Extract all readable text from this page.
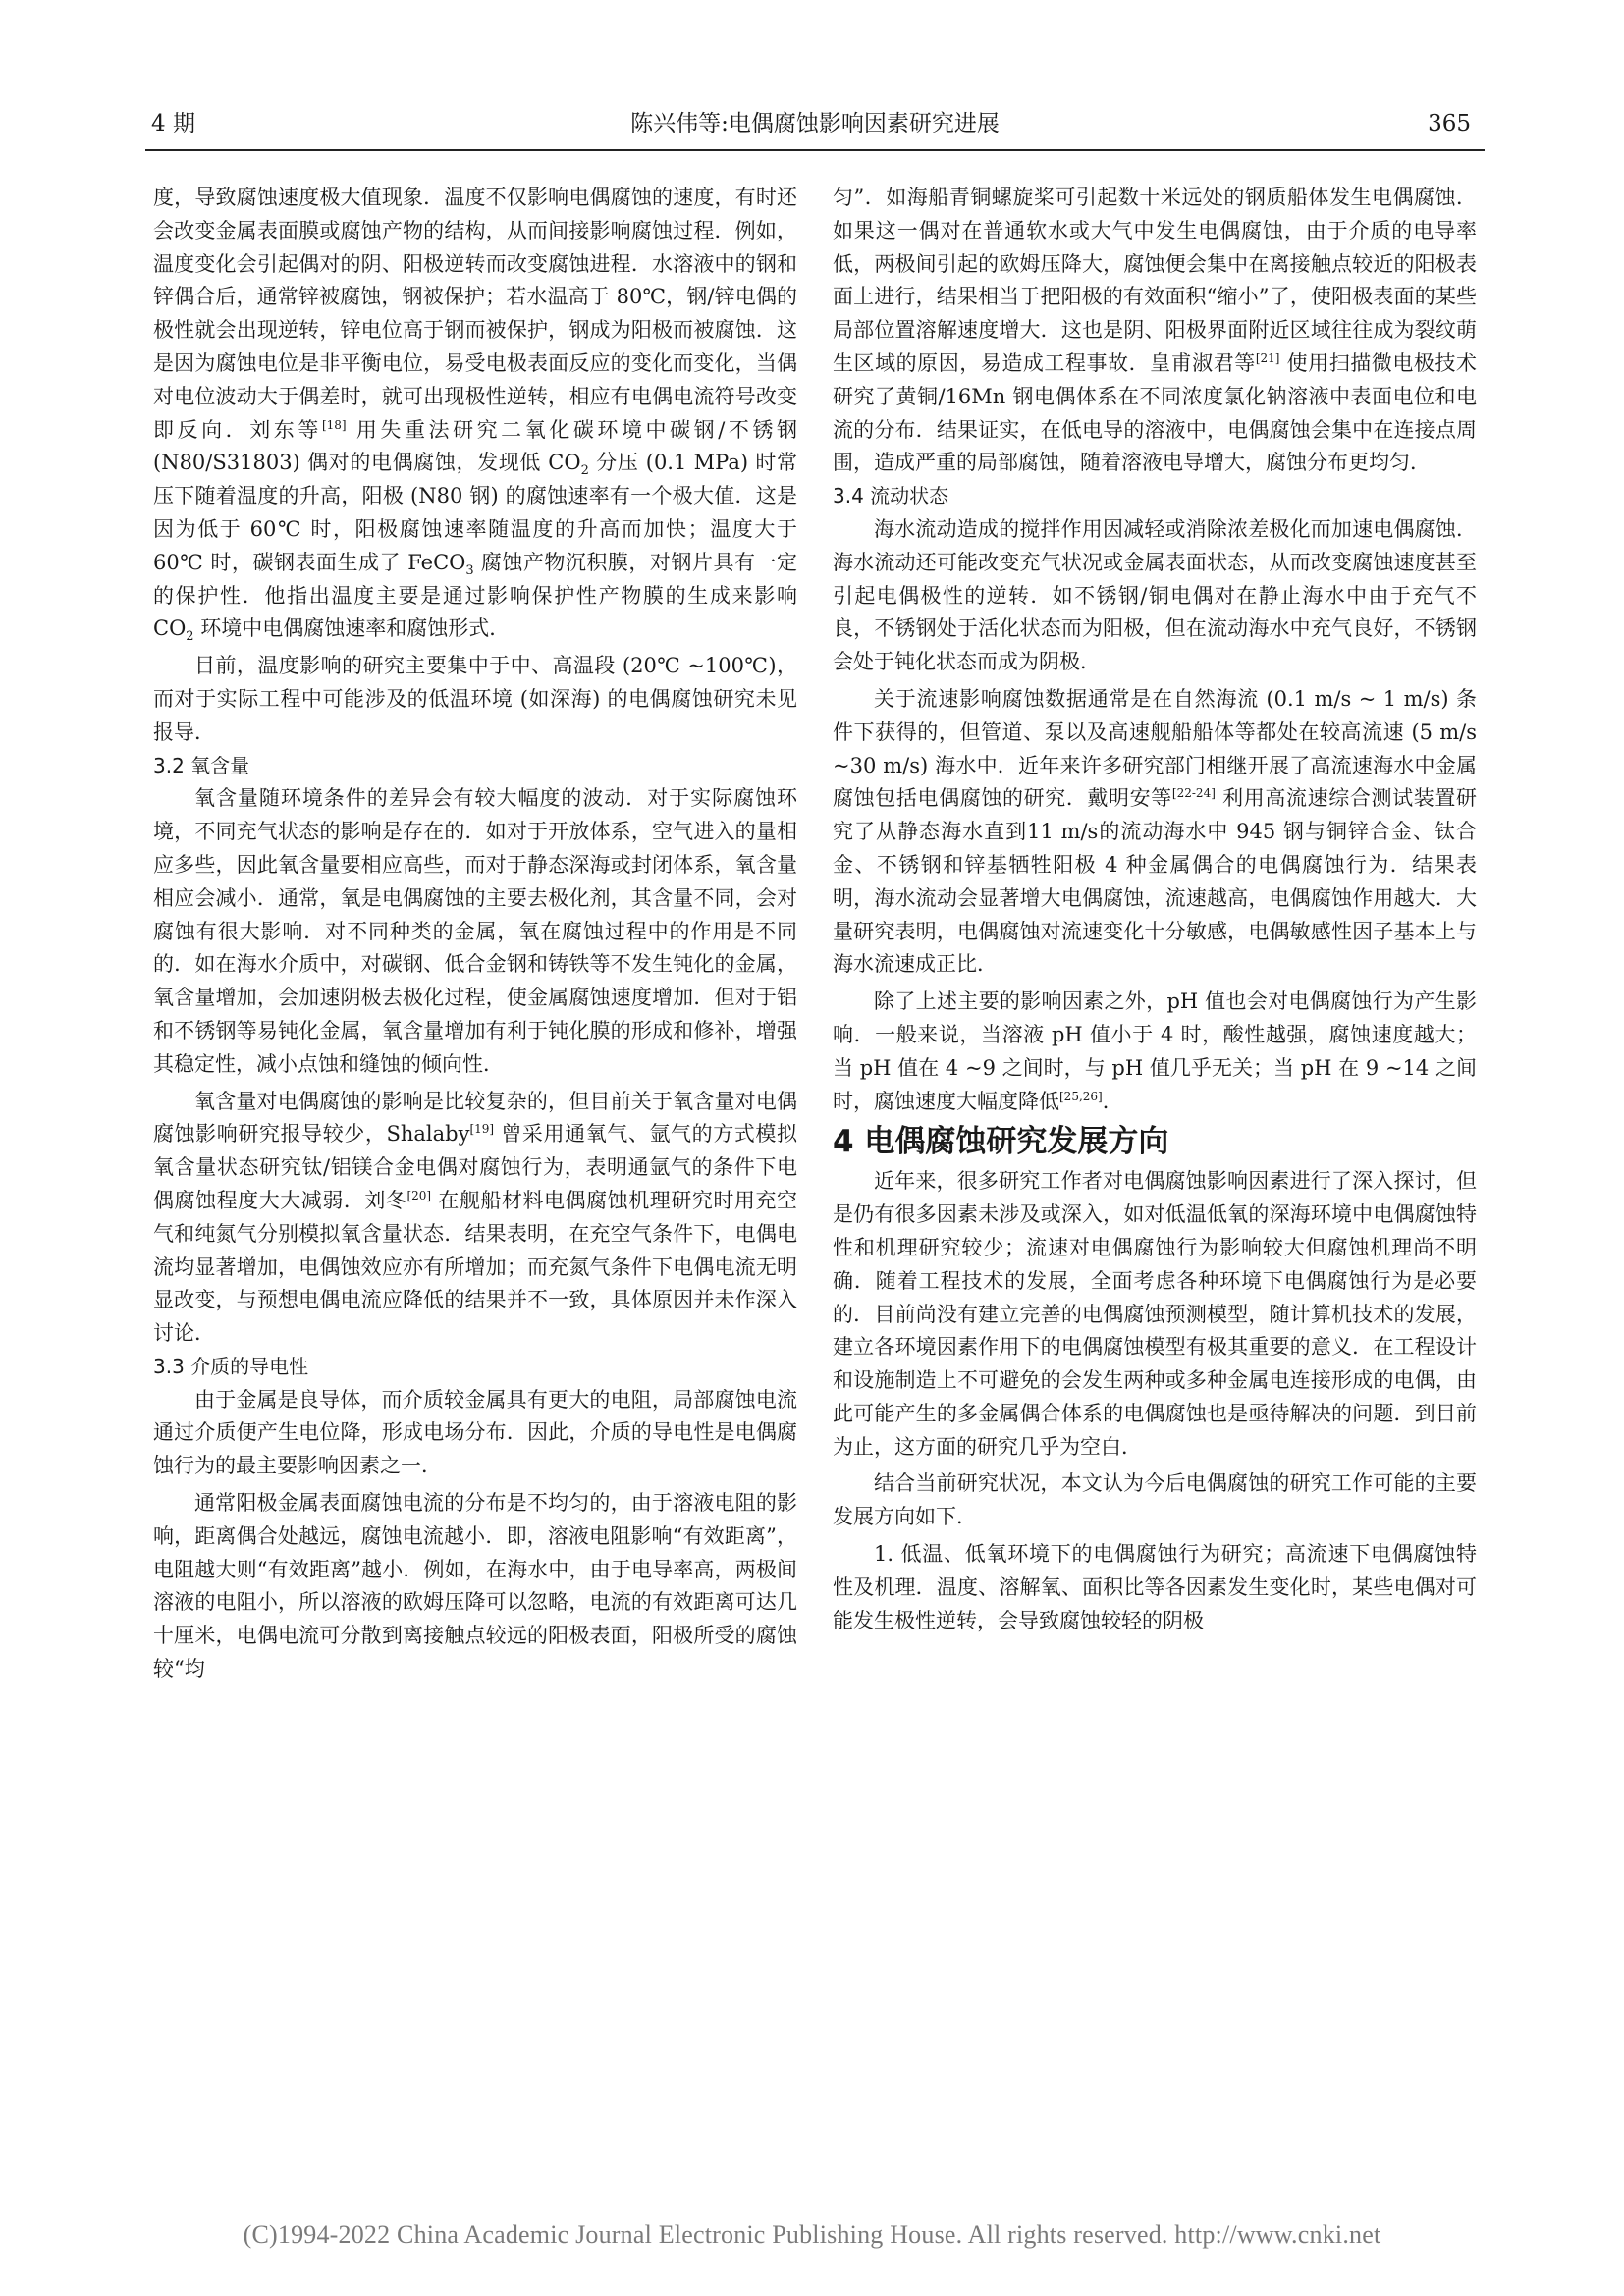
4 期	陈兴伟等:电偶腐蚀影响因素研究进展	365

度，导致腐蚀速度极大值现象．温度不仅影响电偶腐蚀的速度，有时还会改变金属表面膜或腐蚀产物的结构，从而间接影响腐蚀过程．例如，温度变化会引起偶对的阴、阳极逆转而改变腐蚀进程．水溶液中的钢和锌偶合后，通常锌被腐蚀，钢被保护；若水温高于 80℃，钢/锌电偶的极性就会出现逆转，锌电位高于钢而被保护，钢成为阳极而被腐蚀．这是因为腐蚀电位是非平衡电位，易受电极表面反应的变化而变化，当偶对电位波动大于偶差时，就可出现极性逆转，相应有电偶电流符号改变即反向．刘东等[18] 用失重法研究二氧化碳环境中碳钢/不锈钢 (N80/S31803) 偶对的电偶腐蚀，发现低 $CO_2$ 分压 (0.1 MPa) 时常压下随着温度的升高，阳极 (N80 钢) 的腐蚀速率有一个极大值．这是因为低于 60℃ 时，阳极腐蚀速率随温度的升高而加快；温度大于 60℃ 时，碳钢表面生成了 FeCO$_3$ 腐蚀产物沉积膜，对钢片具有一定的保护性．他指出温度主要是通过影响保护性产物膜的生成来影响 $CO_2$ 环境中电偶腐蚀速率和腐蚀形式．

目前，温度影响的研究主要集中于中、高温段 (20℃ ~100℃)，而对于实际工程中可能涉及的低温环境 (如深海) 的电偶腐蚀研究未见报导．

3.2 氧含量

氧含量随环境条件的差异会有较大幅度的波动．对于实际腐蚀环境，不同充气状态的影响是存在的．如对于开放体系，空气进入的量相应多些，因此氧含量要相应高些，而对于静态深海或封闭体系，氧含量相应会减小．通常，氧是电偶腐蚀的主要去极化剂，其含量不同，会对腐蚀有很大影响．对不同种类的金属，氧在腐蚀过程中的作用是不同的．如在海水介质中，对碳钢、低合金钢和铸铁等不发生钝化的金属，氧含量增加，会加速阴极去极化过程，使金属腐蚀速度增加．但对于铝和不锈钢等易钝化金属，氧含量增加有利于钝化膜的形成和修补，增强其稳定性，减小点蚀和缝蚀的倾向性．

氧含量对电偶腐蚀的影响是比较复杂的，但目前关于氧含量对电偶腐蚀影响研究报导较少，Shalaby[19] 曾采用通氧气、氩气的方式模拟氧含量状态研究钛/铝镁合金电偶对腐蚀行为，表明通氩气的条件下电偶腐蚀程度大大减弱．刘冬[20] 在舰船材料电偶腐蚀机理研究时用充空气和纯氮气分别模拟氧含量状态．结果表明，在充空气条件下，电偶电流均显著增加，电偶蚀效应亦有所增加；而充氮气条件下电偶电流无明显改变，与预想电偶电流应降低的结果并不一致，具体原因并未作深入讨论．

3.3 介质的导电性

由于金属是良导体，而介质较金属具有更大的电阻，局部腐蚀电流通过介质便产生电位降，形成电场分布．因此，介质的导电性是电偶腐蚀行为的最主要影响因素之一．

通常阳极金属表面腐蚀电流的分布是不均匀的，由于溶液电阻的影响，距离偶合处越远，腐蚀电流越小．即，溶液电阻影响“有效距离”，电阻越大则“有效距离”越小．例如，在海水中，由于电导率高，两极间溶液的电阻小，所以溶液的欧姆压降可以忽略，电流的有效距离可达几十厘米，电偶电流可分散到离接触点较远的阳极表面，阳极所受的腐蚀较“均

匀”．如海船青铜螺旋桨可引起数十米远处的钢质船体发生电偶腐蚀．如果这一偶对在普通软水或大气中发生电偶腐蚀，由于介质的电导率低，两极间引起的欧姆压降大，腐蚀便会集中在离接触点较近的阳极表面上进行，结果相当于把阳极的有效面积“缩小”了，使阳极表面的某些局部位置溶解速度增大．这也是阴、阳极界面附近区域往往成为裂纹萌生区域的原因，易造成工程事故．皇甫淑君等[21] 使用扫描微电极技术研究了黄铜/16Mn 钢电偶体系在不同浓度氯化钠溶液中表面电位和电流的分布．结果证实，在低电导的溶液中，电偶腐蚀会集中在连接点周围，造成严重的局部腐蚀，随着溶液电导增大，腐蚀分布更均匀．

3.4 流动状态

海水流动造成的搅拌作用因减轻或消除浓差极化而加速电偶腐蚀．海水流动还可能改变充气状况或金属表面状态，从而改变腐蚀速度甚至引起电偶极性的逆转．如不锈钢/铜电偶对在静止海水中由于充气不良，不锈钢处于活化状态而为阳极，但在流动海水中充气良好，不锈钢会处于钝化状态而成为阴极．

关于流速影响腐蚀数据通常是在自然海流 (0.1 m/s ~ 1 m/s) 条件下获得的，但管道、泵以及高速舰船船体等都处在较高流速 (5 m/s ~30 m/s) 海水中．近年来许多研究部门相继开展了高流速海水中金属腐蚀包括电偶腐蚀的研究．戴明安等[22-24] 利用高流速综合测试装置研究了从静态海水直到11 m/s的流动海水中 945 钢与铜锌合金、钛合金、不锈钢和锌基牺牲阳极 4 种金属偶合的电偶腐蚀行为．结果表明，海水流动会显著增大电偶腐蚀，流速越高，电偶腐蚀作用越大．大量研究表明，电偶腐蚀对流速变化十分敏感，电偶敏感性因子基本上与海水流速成正比．

除了上述主要的影响因素之外，pH 值也会对电偶腐蚀行为产生影响．一般来说，当溶液 pH 值小于 4 时，酸性越强，腐蚀速度越大；当 pH 值在 4 ~9 之间时，与 pH 值几乎无关；当 pH 在 9 ~14 之间时，腐蚀速度大幅度降低[25,26]．

4 电偶腐蚀研究发展方向

近年来，很多研究工作者对电偶腐蚀影响因素进行了深入探讨，但是仍有很多因素未涉及或深入，如对低温低氧的深海环境中电偶腐蚀特性和机理研究较少；流速对电偶腐蚀行为影响较大但腐蚀机理尚不明确．随着工程技术的发展，全面考虑各种环境下电偶腐蚀行为是必要的．目前尚没有建立完善的电偶腐蚀预测模型，随计算机技术的发展，建立各环境因素作用下的电偶腐蚀模型有极其重要的意义．在工程设计和设施制造上不可避免的会发生两种或多种金属电连接形成的电偶，由此可能产生的多金属偶合体系的电偶腐蚀也是亟待解决的问题．到目前为止，这方面的研究几乎为空白．

结合当前研究状况，本文认为今后电偶腐蚀的研究工作可能的主要发展方向如下．

1. 低温、低氧环境下的电偶腐蚀行为研究；高流速下电偶腐蚀特性及机理．温度、溶解氧、面积比等各因素发生变化时，某些电偶对可能发生极性逆转，会导致腐蚀较轻的阴极

(C)1994-2022 China Academic Journal Electronic Publishing House. All rights reserved. http://www.cnki.net
